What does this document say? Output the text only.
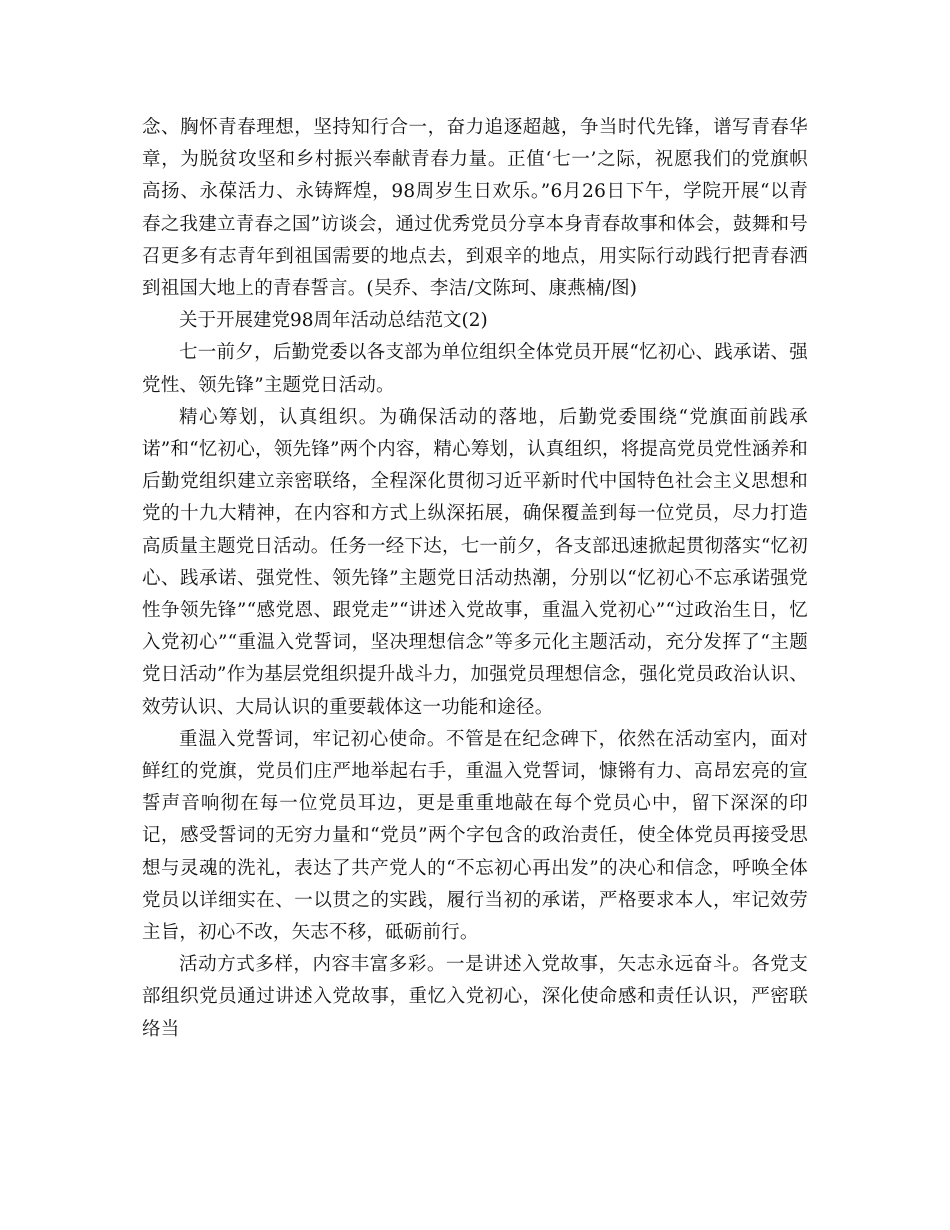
念、胸怀青春理想，坚持知行合一，奋力追逐超越，争当时代先锋，谱写青春华章，为脱贫攻坚和乡村振兴奉献青春力量。正值‘七一’之际，祝愿我们的党旗帜高扬、永葆活力、永铸辉煌，98周岁生日欢乐。”6月26日下午，学院开展“以青春之我建立青春之国”访谈会，通过优秀党员分享本身青春故事和体会，鼓舞和号召更多有志青年到祖国需要的地点去，到艰辛的地点，用实际行动践行把青春洒到祖国大地上的青春誓言。(吴乔、李洁/文陈珂、康燕楠/图)

关于开展建党98周年活动总结范文(2)

七一前夕，后勤党委以各支部为单位组织全体党员开展“忆初心、践承诺、强党性、领先锋”主题党日活动。

精心筹划，认真组织。为确保活动的落地，后勤党委围绕“党旗面前践承诺”和“忆初心，领先锋”两个内容，精心筹划，认真组织，将提高党员党性涵养和后勤党组织建立亲密联络，全程深化贯彻习近平新时代中国特色社会主义思想和党的十九大精神，在内容和方式上纵深拓展，确保覆盖到每一位党员，尽力打造高质量主题党日活动。任务一经下达，七一前夕，各支部迅速掀起贯彻落实“忆初心、践承诺、强党性、领先锋”主题党日活动热潮，分别以“忆初心不忘承诺强党性争领先锋”“感党恩、跟党走”“讲述入党故事，重温入党初心”“过政治生日，忆入党初心”“重温入党誓词，坚决理想信念”等多元化主题活动，充分发挥了“主题党日活动”作为基层党组织提升战斗力，加强党员理想信念，强化党员政治认识、效劳认识、大局认识的重要载体这一功能和途径。

重温入党誓词，牢记初心使命。不管是在纪念碑下，依然在活动室内，面对鲜红的党旗，党员们庄严地举起右手，重温入党誓词，慷锵有力、高昂宏亮的宣誓声音响彻在每一位党员耳边，更是重重地敲在每个党员心中，留下深深的印记，感受誓词的无穷力量和“党员”两个字包含的政治责任，使全体党员再接受思想与灵魂的洗礼，表达了共产党人的“不忘初心再出发”的决心和信念，呼唤全体党员以详细实在、一以贯之的实践，履行当初的承诺，严格要求本人，牢记效劳主旨，初心不改，矢志不移，砥砺前行。

活动方式多样，内容丰富多彩。一是讲述入党故事，矢志永远奋斗。各党支部组织党员通过讲述入党故事，重忆入党初心，深化使命感和责任认识，严密联络当
